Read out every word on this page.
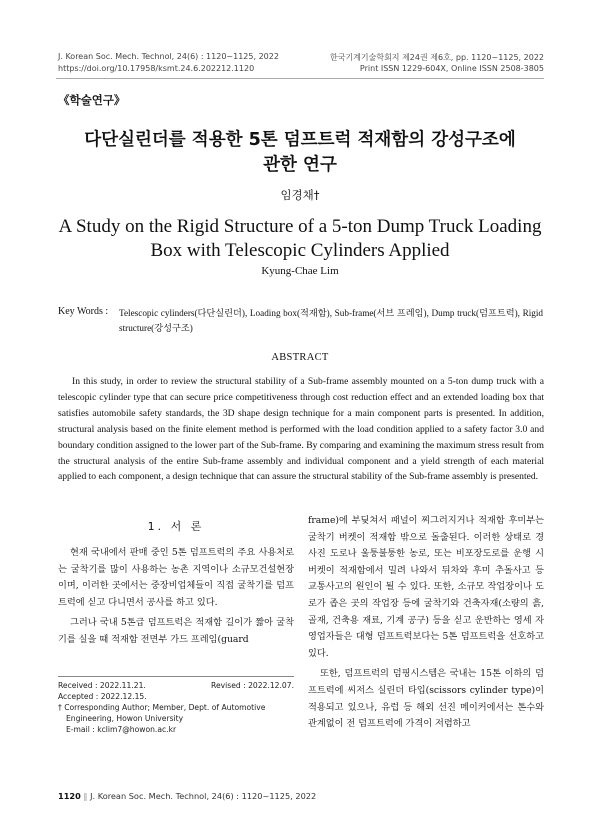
J. Korean Soc. Mech. Technol, 24(6) : 1120~1125, 2022
https://doi.org/10.17958/ksmt.24.6.202212.1120
한국기계기술학회지 제24권 제6호, pp. 1120~1125, 2022
Print ISSN 1229-604X, Online ISSN 2508-3805
《학술연구》
다단실린더를 적용한 5톤 덤프트럭 적재함의 강성구조에
관한 연구
임경채†
A Study on the Rigid Structure of a 5-ton Dump Truck Loading
Box with Telescopic Cylinders Applied
Kyung-Chae Lim
Key Words : Telescopic cylinders(다단실린더), Loading box(적재함), Sub-frame(서브 프레임), Dump truck(덤프트럭), Rigid structure(강성구조)
ABSTRACT
In this study, in order to review the structural stability of a Sub-frame assembly mounted on a 5-ton dump truck with a telescopic cylinder type that can secure price competitiveness through cost reduction effect and an extended loading box that satisfies automobile safety standards, the 3D shape design technique for a main component parts is presented. In addition, structural analysis based on the finite element method is performed with the load condition applied to a safety factor 3.0 and boundary condition assigned to the lower part of the Sub-frame. By comparing and examining the maximum stress result from the structural analysis of the entire Sub-frame assembly and individual component and a yield strength of each material applied to each component, a design technique that can assure the structural stability of the Sub-frame assembly is presented.
1. 서 론

현재 국내에서 판매 중인 5톤 덤프트럭의 주요 사용처로는 굴착기를 많이 사용하는 농촌 지역이나 소규모건설현장이며, 이러한 곳에서는 중장비업체들이 직접 굴착기를 덤프트럭에 싣고 다니면서 공사를 하고 있다.

그러나 국내 5톤급 덤프트럭은 적재함 길이가 짧아 굴착기를 실을 때 적재함 전면부 가드 프레임(guard

frame)에 부딪쳐서 패널이 찌그러지거나 적재함 후미부는 굴착기 버켓이 적재함 밖으로 돌출된다. 이러한 상태로 경사진 도로나 울퉁불퉁한 농로, 또는 비포장도로를 운행 시 버켓이 적재함에서 밀려 나와서 뒤차와 후미 추돌사고 등 교통사고의 원인이 될 수 있다. 또한, 소규모 작업장이나 도로가 좁은 곳의 작업장 등에 굴착기와 건축자재(소량의 흙, 골재, 건축용 재료, 기계 공구) 등을 싣고 운반하는 영세 자영업자들은 대형 덤프트럭보다는 5톤 덤프트럭을 선호하고 있다.

또한, 덤프트럭의 덤핑시스템은 국내는 15톤 이하의 덤프트럭에 씨저스 실린더 타입(scissors cylinder type)이 적용되고 있으나, 유럽 등 해외 선진 메이커에서는 톤수와 관계없이 전 덤프트럭에 가격이 저렴하고

Received : 2022.11.21.	Revised : 2022.12.07.
Accepted : 2022.12.15.
† Corresponding Author; Member, Dept. of Automotive
Engineering, Howon University
E-mail : kclim7@howon.ac.kr
1120 ‖ J. Korean Soc. Mech. Technol, 24(6) : 1120~1125, 2022
